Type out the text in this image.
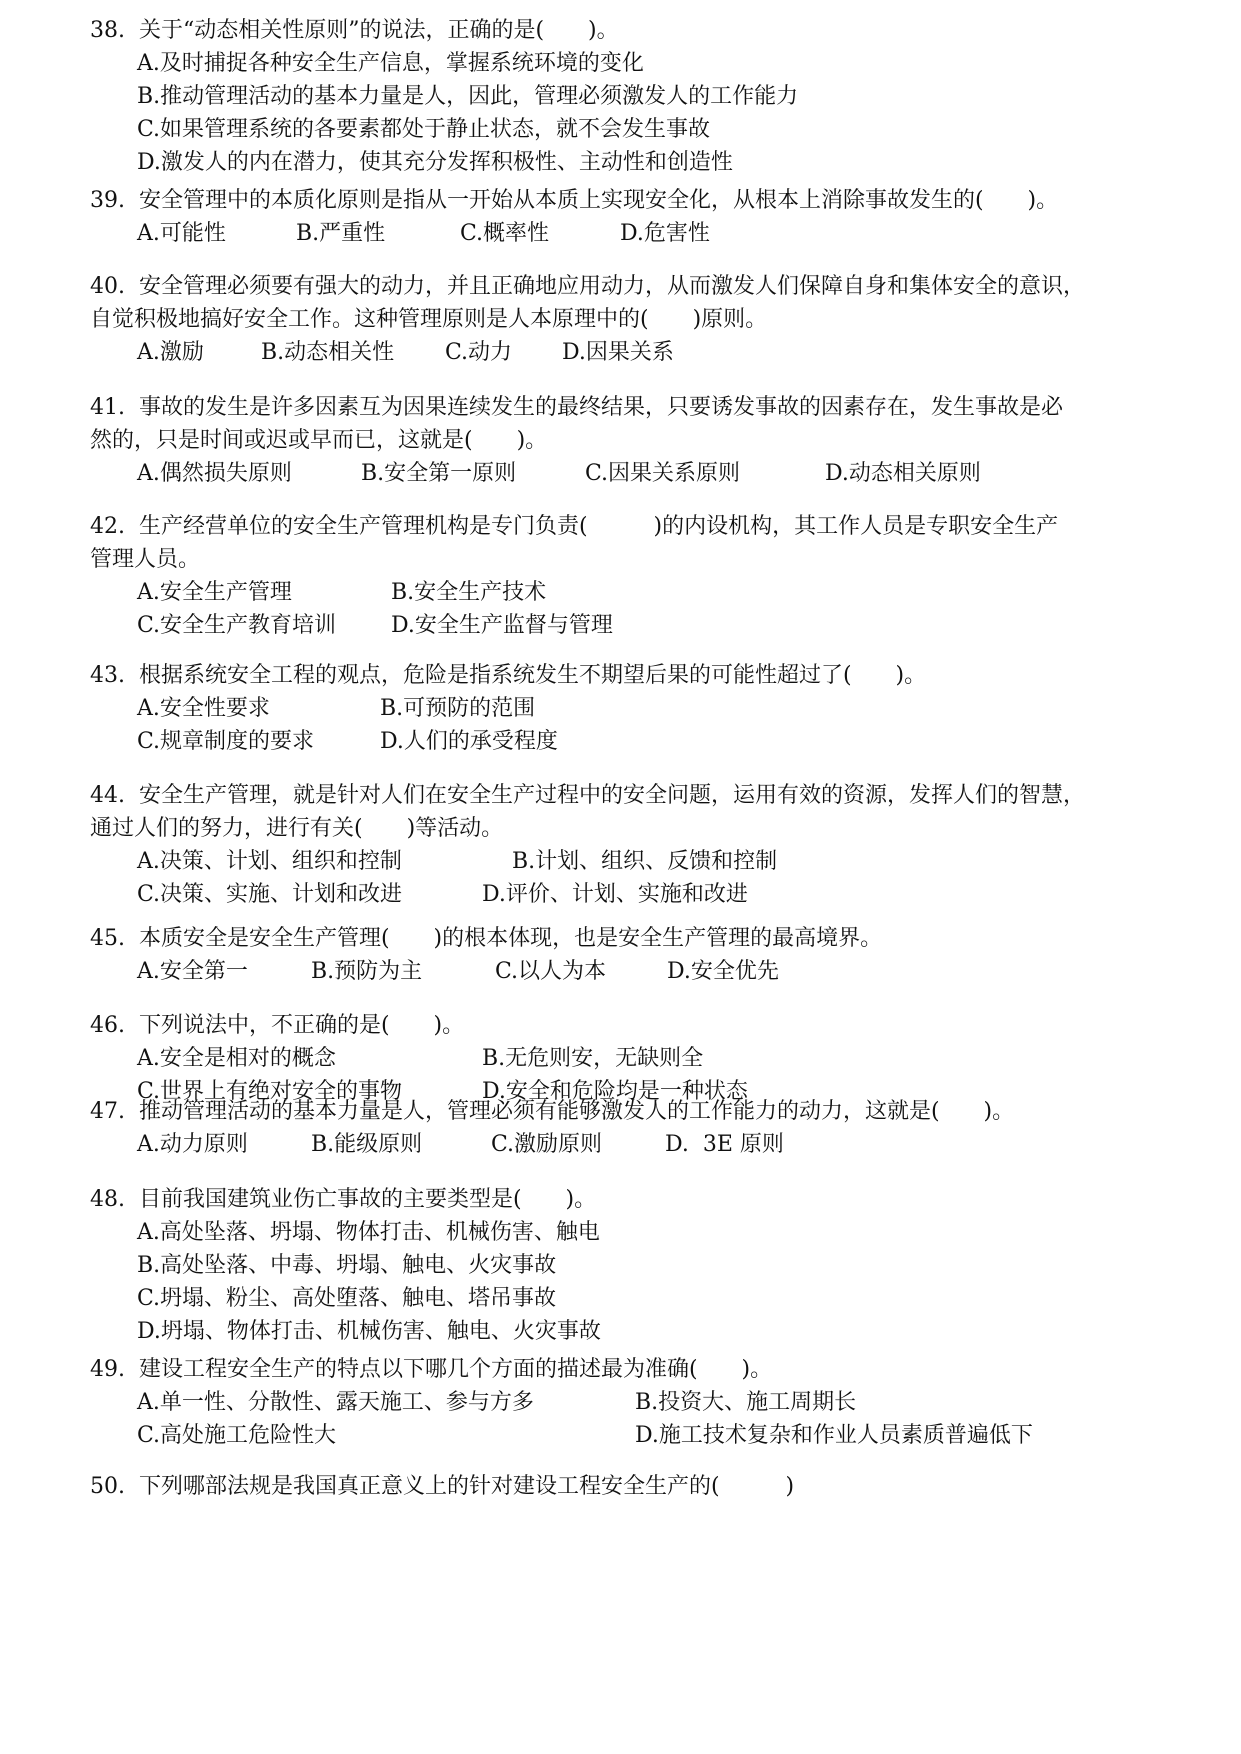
38.  关于“动态相关性原则”的说法，正确的是(　　)。
A.及时捕捉各种安全生产信息，掌握系统环境的变化
B.推动管理活动的基本力量是人，因此，管理必须激发人的工作能力
C.如果管理系统的各要素都处于静止状态，就不会发生事故
D.激发人的内在潜力，使其充分发挥积极性、主动性和创造性
39.  安全管理中的本质化原则是指从一开始从本质上实现安全化，从根本上消除事故发生的(　　)。
A.可能性	B.严重性	C.概率性	D.危害性
40.  安全管理必须要有强大的动力，并且正确地应用动力，从而激发人们保障自身和集体安全的意识，
自觉积极地搞好安全工作。这种管理原则是人本原理中的(　　)原则。
A.激励	B.动态相关性 C.动力 D.因果关系
41.  事故的发生是许多因素互为因果连续发生的最终结果，只要诱发事故的因素存在，发生事故是必
然的，只是时间或迟或早而已，这就是(　　)。
A.偶然损失原则	B.安全第一原则	C.因果关系原则	D.动态相关原则
42.  生产经营单位的安全生产管理机构是专门负责(　　　)的内设机构，其工作人员是专职安全生产
管理人员。
A.安全生产管理	B.安全生产技术
C.安全生产教育培训 D.安全生产监督与管理
43.  根据系统安全工程的观点，危险是指系统发生不期望后果的可能性超过了(　　)。
A.安全性要求	B.可预防的范围
C.规章制度的要求	D.人们的承受程度
44.  安全生产管理，就是针对人们在安全生产过程中的安全问题，运用有效的资源，发挥人们的智慧，
通过人们的努力，进行有关(　　)等活动。
A.决策、计划、组织和控制	B.计划、组织、反馈和控制
C.决策、实施、计划和改进	D.评价、计划、实施和改进
45.  本质安全是安全生产管理(　　)的根本体现，也是安全生产管理的最高境界。
A.安全第一	B.预防为主	C.以人为本	D.安全优先
46.  下列说法中，不正确的是(　　)。
A.安全是相对的概念	B.无危则安，无缺则全
C.世界上有绝对安全的事物	D.安全和危险均是一种状态
47.  推动管理活动的基本力量是人，管理必须有能够激发人的工作能力的动力，这就是(　　)。
A.动力原则	B.能级原则	C.激励原则	D.  3E 原则
48.  目前我国建筑业伤亡事故的主要类型是(　　)。
A.高处坠落、坍塌、物体打击、机械伤害、触电
B.高处坠落、中毒、坍塌、触电、火灾事故
C.坍塌、粉尘、高处堕落、触电、塔吊事故
D.坍塌、物体打击、机械伤害、触电、火灾事故
49.  建设工程安全生产的特点以下哪几个方面的描述最为准确(　　)。
A.单一性、分散性、露天施工、参与方多	B.投资大、施工周期长
C.高处施工危险性大	D.施工技术复杂和作业人员素质普遍低下
50.  下列哪部法规是我国真正意义上的针对建设工程安全生产的(　　　)
